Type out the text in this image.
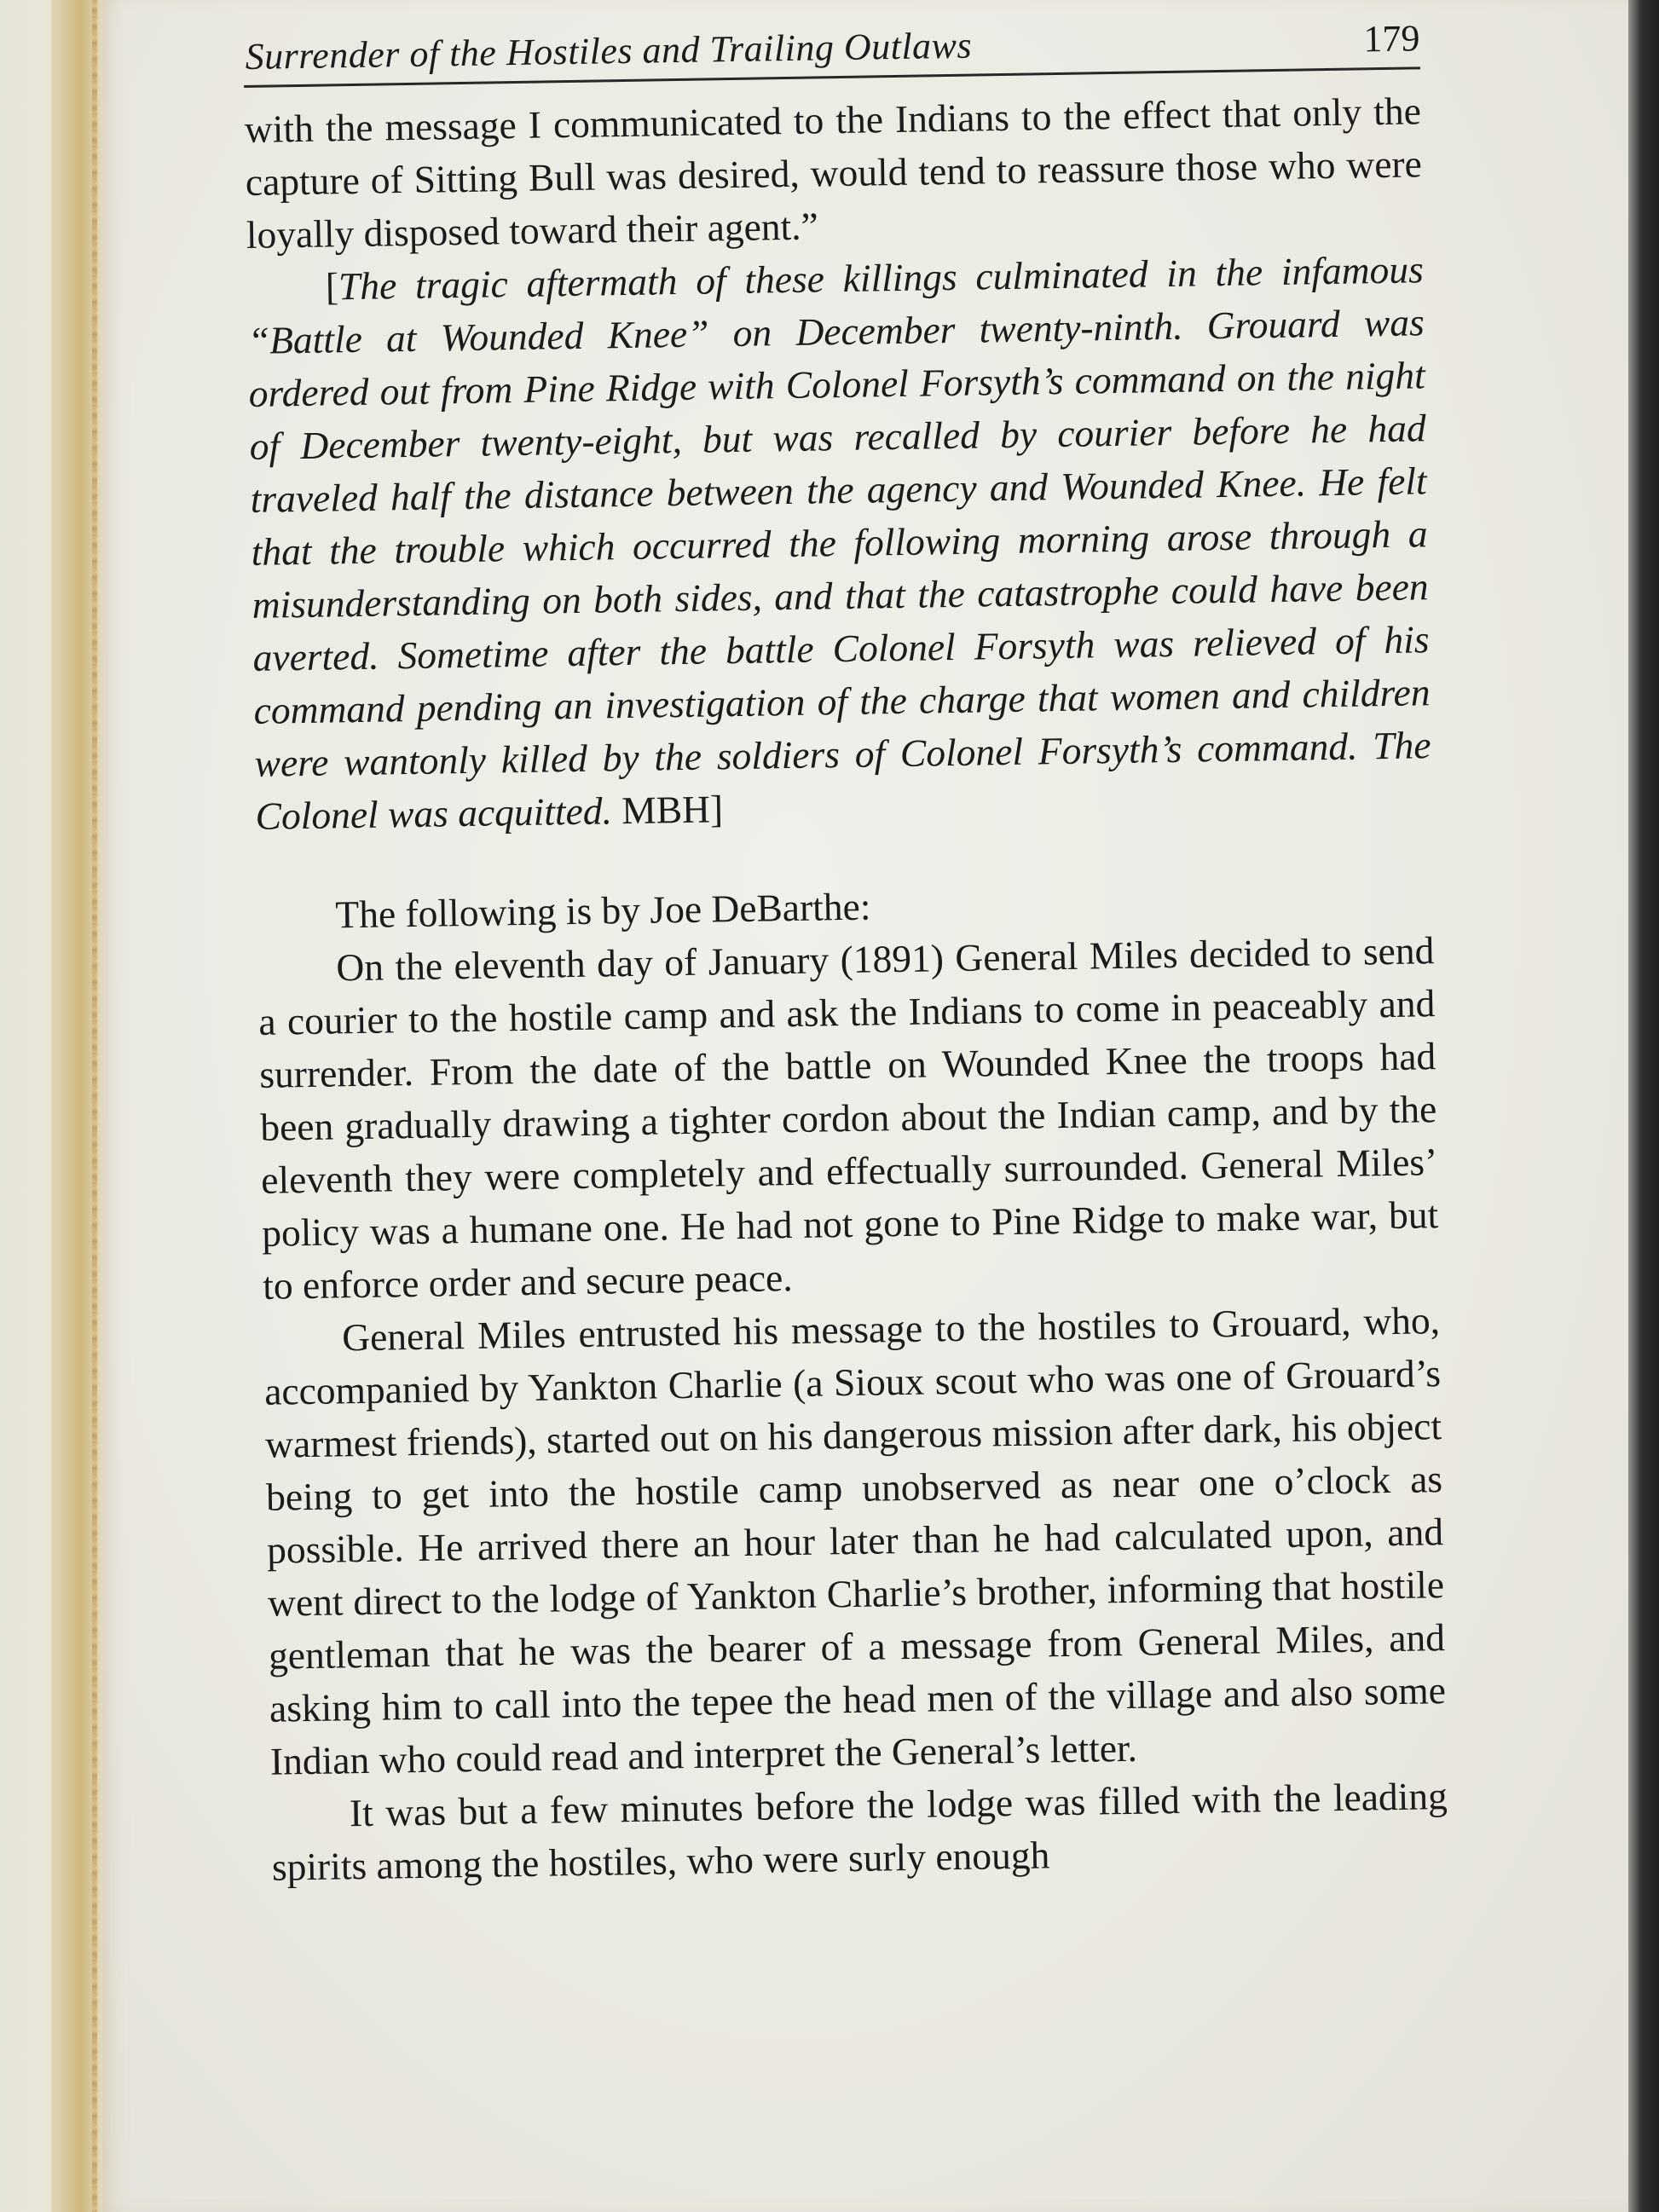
Surrender of the Hostiles and Trailing Outlaws	179

with the message I communicated to the Indians to the effect that only the capture of Sitting Bull was desired, would tend to reassure those who were loyally disposed toward their agent.”

[The tragic aftermath of these killings culminated in the infamous “Battle at Wounded Knee” on December twenty-ninth. Grouard was ordered out from Pine Ridge with Colonel Forsyth’s command on the night of December twenty-eight, but was recalled by courier before he had traveled half the distance between the agency and Wounded Knee. He felt that the trouble which occurred the following morning arose through a misunderstanding on both sides, and that the catastrophe could have been averted. Sometime after the battle Colonel Forsyth was relieved of his command pending an investigation of the charge that women and children were wantonly killed by the soldiers of Colonel Forsyth’s command. The Colonel was acquitted. MBH]

The following is by Joe DeBarthe:

On the eleventh day of January (1891) General Miles decided to send a courier to the hostile camp and ask the Indians to come in peaceably and surrender. From the date of the battle on Wounded Knee the troops had been gradually drawing a tighter cordon about the Indian camp, and by the eleventh they were completely and effectually surrounded. General Miles’ policy was a humane one. He had not gone to Pine Ridge to make war, but to enforce order and secure peace.

General Miles entrusted his message to the hostiles to Grouard, who, accompanied by Yankton Charlie (a Sioux scout who was one of Grouard’s warmest friends), started out on his dangerous mission after dark, his object being to get into the hostile camp unobserved as near one o’clock as possible. He arrived there an hour later than he had calculated upon, and went direct to the lodge of Yankton Charlie’s brother, informing that hostile gentleman that he was the bearer of a message from General Miles, and asking him to call into the tepee the head men of the village and also some Indian who could read and interpret the General’s letter.

It was but a few minutes before the lodge was filled with the leading spirits among the hostiles, who were surly enough
